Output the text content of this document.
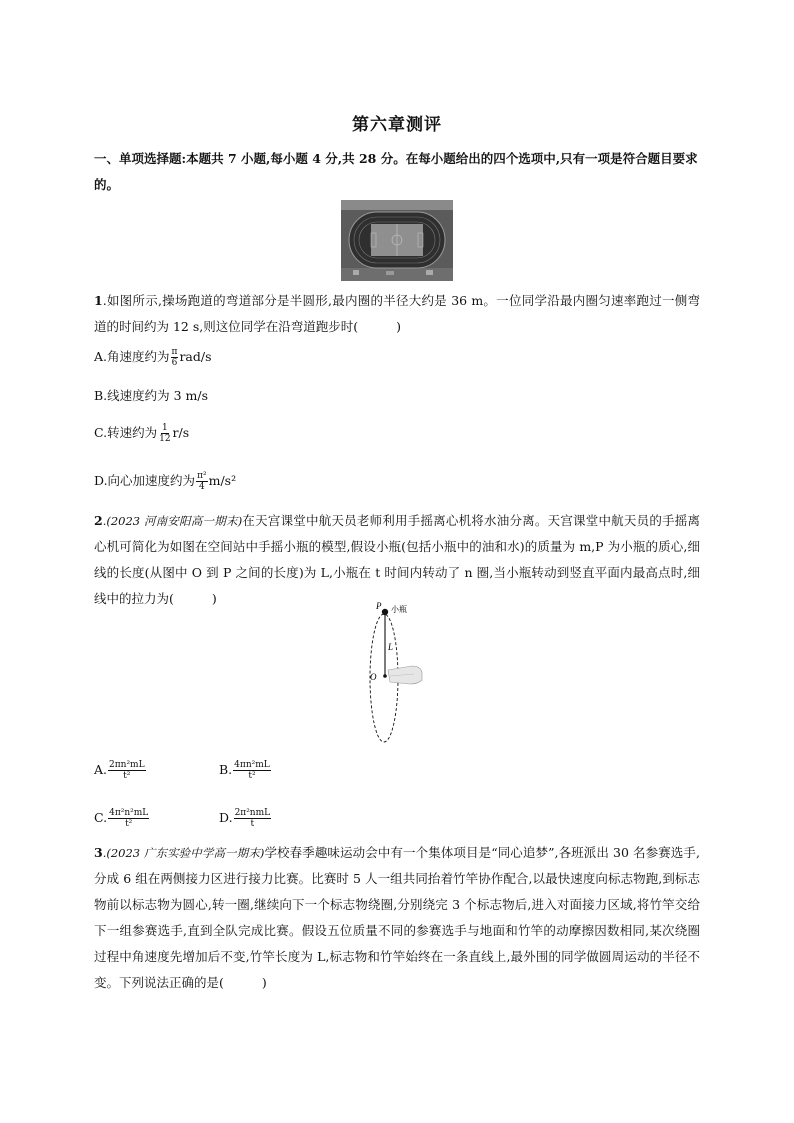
第六章测评
一、单项选择题:本题共 7 小题,每小题 4 分,共 28 分。在每小题给出的四个选项中,只有一项是符合题目要求的。
1.如图所示,操场跑道的弯道部分是半圆形,最内圈的半径大约是 36 m。一位同学沿最内圈匀速率跑过一侧弯道的时间约为 12 s,则这位同学在沿弯道跑步时(	)
A.角速度约为 $\frac{\pi}{6} rad/s$
B.线速度约为 3 m/s
C.转速约为 $\frac{1}{12} r/s$
D.向心加速度约为 $\frac{\text{π²}}{4} m/s^2$
2.(2023 河南安阳高一期末)在天宫课堂中航天员老师利用手摇离心机将水油分离。天宫课堂中航天员的手摇离心机可简化为如图在空间站中手摇小瓶的模型,假设小瓶(包括小瓶中的油和水)的质量为 m,P 为小瓶的质心,细线的长度(从图中 O 到 P 之间的长度)为 L,小瓶在 t 时间内转动了 n 圈,当小瓶转动到竖直平面内最高点时,细线中的拉力为(	)	P 小瓶
L
O
A. $\frac{\text{2πn²mL}}{\text{t²}}$	B. $\frac{\text{4πn²mL}}{\text{t²}}$
C. $\frac{\text{4π²n²mL}}{\text{t²}}$	D. $\frac{\text{2π²nmL}}{t}$
3.(2023 广东实验中学高一期末)学校春季趣味运动会中有一个集体项目是“同心追梦”,各班派出 30 名参赛选手,分成 6 组在两侧接力区进行接力比赛。比赛时 5 人一组共同抬着竹竿协作配合,以最快速度向标志物跑,到标志物前以标志物为圆心,转一圈,继续向下一个标志物绕圈,分别绕完 3 个标志物后,进入对面接力区域,将竹竿交给下一组参赛选手,直到全队完成比赛。假设五位质量不同的参赛选手与地面和竹竿的动摩擦因数相同,某次绕圈过程中角速度先增加后不变,竹竿长度为 L,标志物和竹竿始终在一条直线上,最外围的同学做圆周运动的半径不变。下列说法正确的是(	)
